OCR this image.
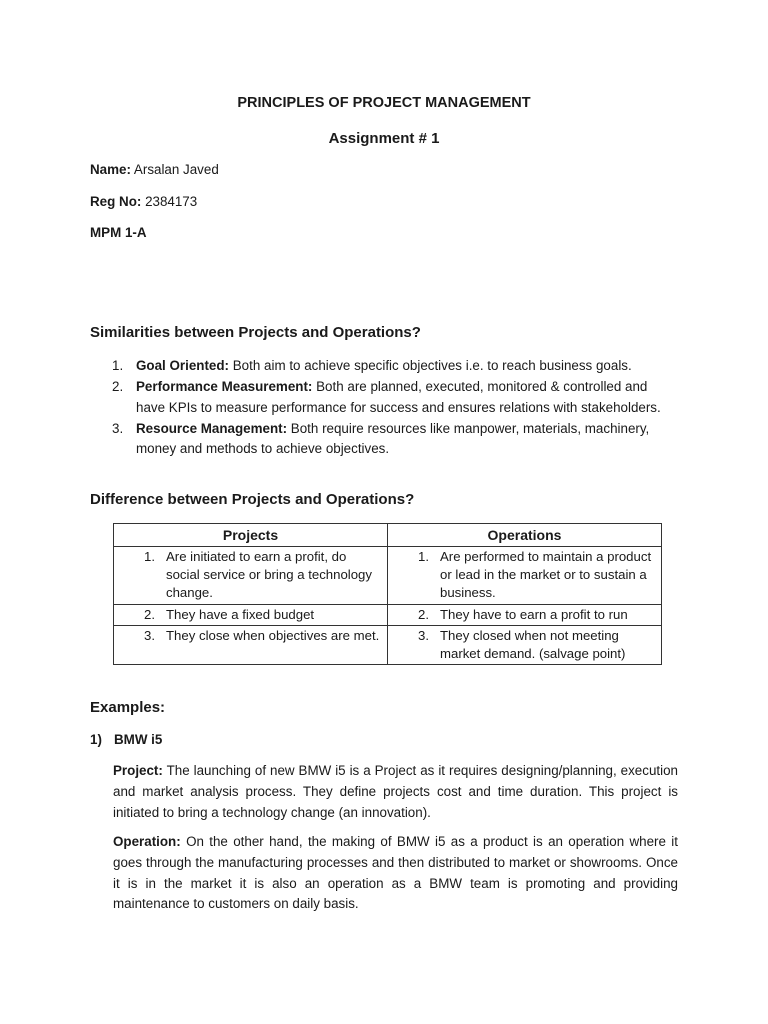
PRINCIPLES OF PROJECT MANAGEMENT

Assignment # 1

Name: Arsalan Javed

Reg No: 2384173

MPM 1-A

Similarities between Projects and Operations?

1. Goal Oriented: Both aim to achieve specific objectives i.e. to reach business goals.
2. Performance Measurement: Both are planned, executed, monitored & controlled and have KPIs to measure performance for success and ensures relations with stakeholders.
3. Resource Management: Both require resources like manpower, materials, machinery, money and methods to achieve objectives.

Difference between Projects and Operations?

Projects	Operations

1. Are initiated to earn a profit, do social service or bring a technology change.	1. Are performed to maintain a product or lead in the market or to sustain a business.

2. They have a fixed budget	2. They have to earn a profit to run

3. They close when objectives are met.	3. They closed when not meeting market demand. (salvage point)

Examples:

1) BMW i5

Project: The launching of new BMW i5 is a Project as it requires designing/planning, execution and market analysis process. They define projects cost and time duration. This project is initiated to bring a technology change (an innovation).

Operation: On the other hand, the making of BMW i5 as a product is an operation where it goes through the manufacturing processes and then distributed to market or showrooms. Once it is in the market it is also an operation as a BMW team is promoting and providing maintenance to customers on daily basis.
